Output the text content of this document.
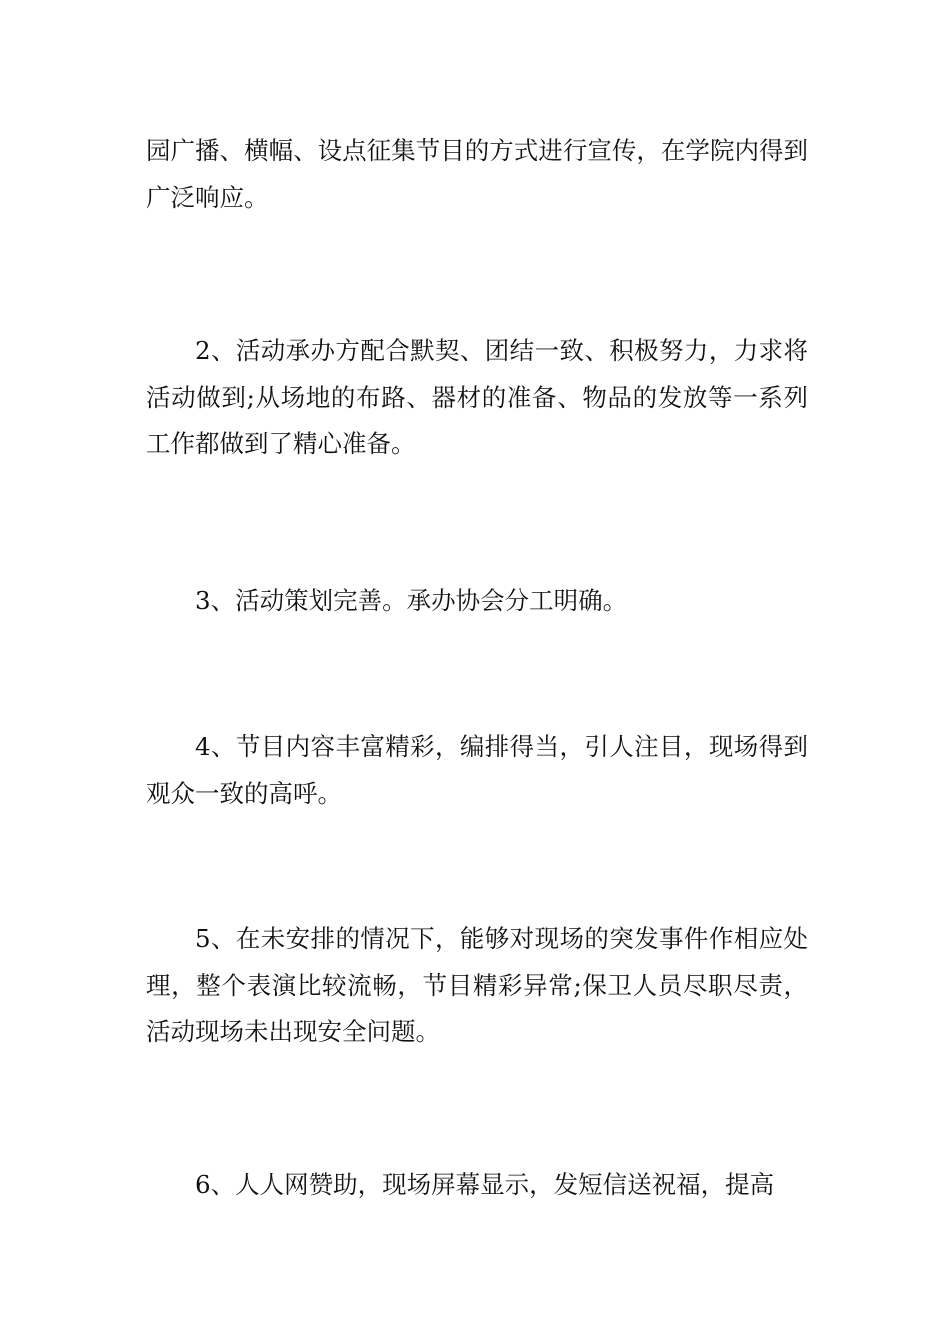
园广播、横幅、设点征集节目的方式进行宣传，在学院内得到广泛响应。

2、活动承办方配合默契、团结一致、积极努力，力求将活动做到;从场地的布路、器材的准备、物品的发放等一系列工作都做到了精心准备。

3、活动策划完善。承办协会分工明确。

4、节目内容丰富精彩，编排得当，引人注目，现场得到观众一致的高呼。

5、在未安排的情况下，能够对现场的突发事件作相应处理，整个表演比较流畅，节目精彩异常;保卫人员尽职尽责，活动现场未出现安全问题。

6、人人网赞助，现场屏幕显示，发短信送祝福，提高
